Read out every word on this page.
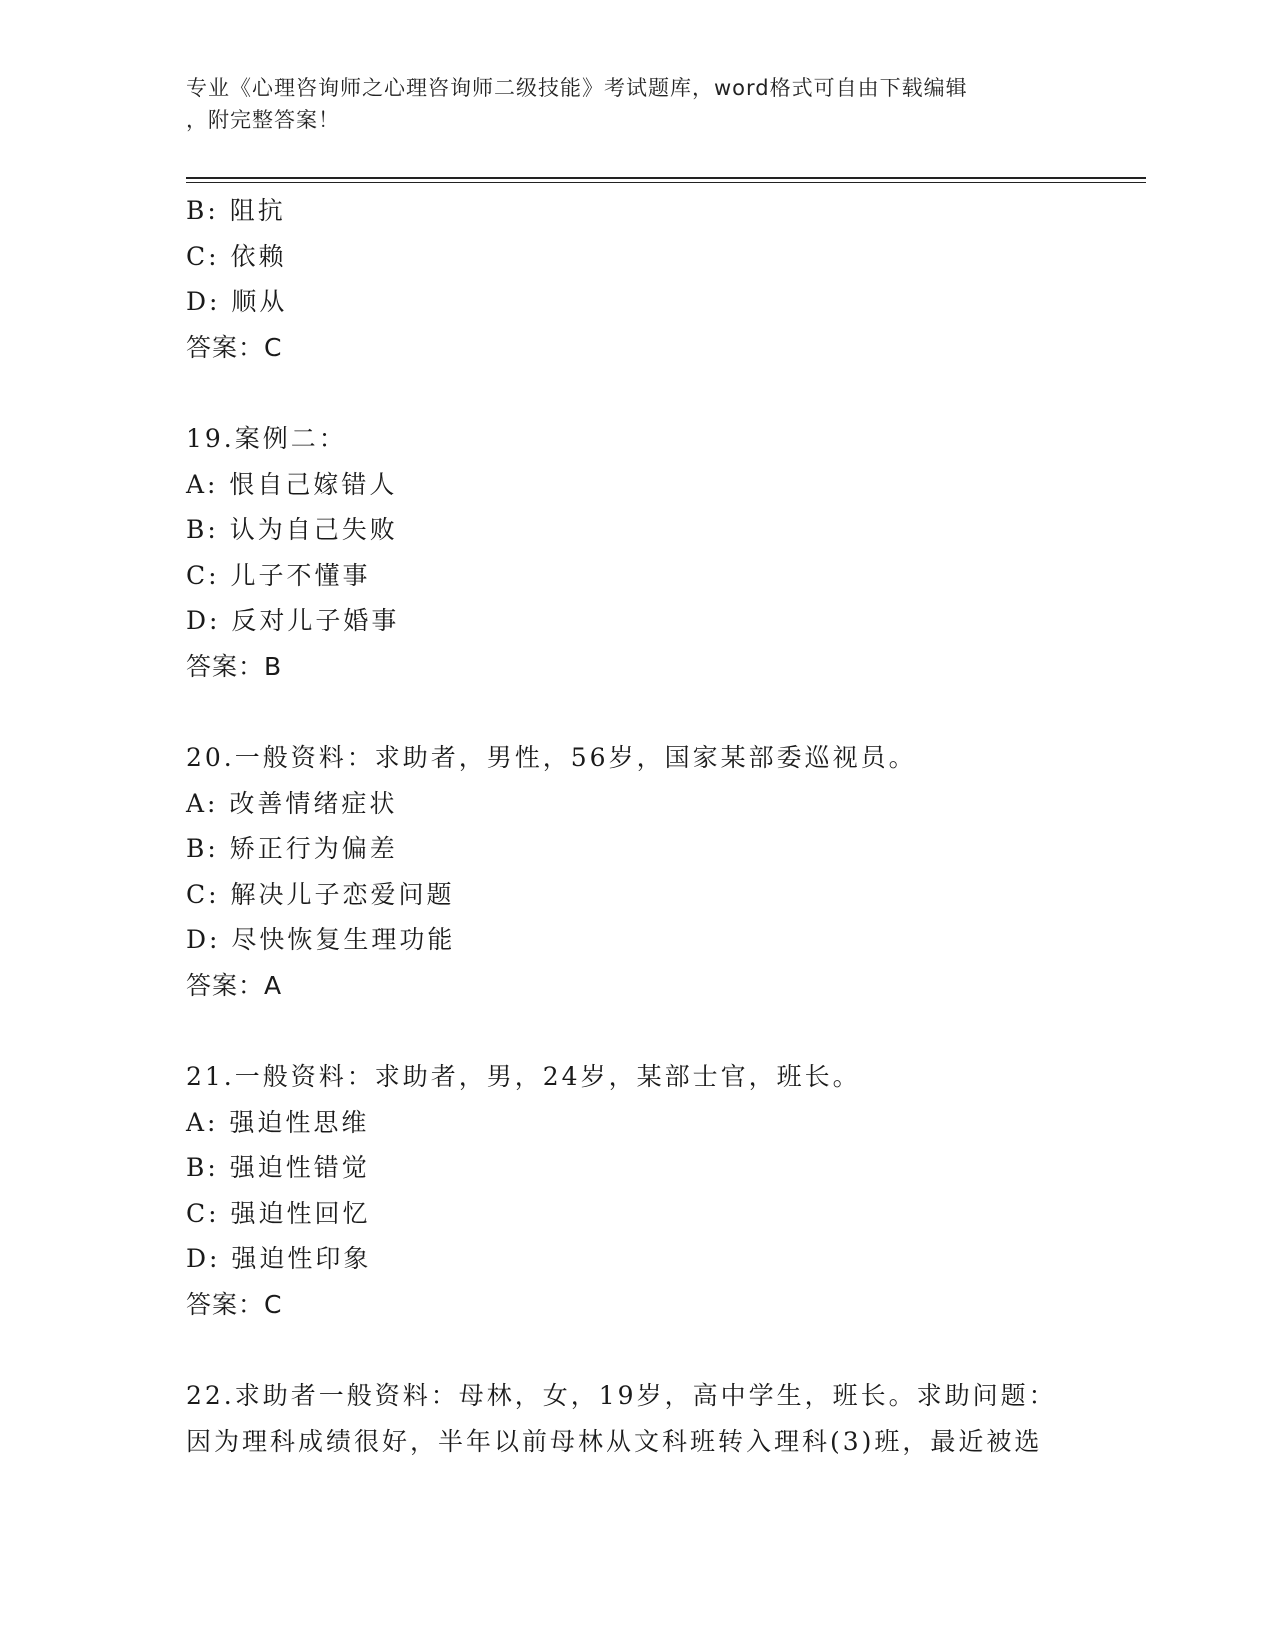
专业《心理咨询师之心理咨询师二级技能》考试题库，word格式可自由下载编辑
，附完整答案！
B: 阻抗
C: 依赖
D: 顺从
答案：C
19.案例二：
A: 恨自己嫁错人
B: 认为自己失败
C: 儿子不懂事
D: 反对儿子婚事
答案：B
20.一般资料：求助者，男性，56岁，国家某部委巡视员。
A: 改善情绪症状
B: 矫正行为偏差
C: 解决儿子恋爱问题
D: 尽快恢复生理功能
答案：A
21.一般资料：求助者，男，24岁，某部士官，班长。
A: 强迫性思维
B: 强迫性错觉
C: 强迫性回忆
D: 强迫性印象
答案：C
22.求助者一般资料：母林，女，19岁，高中学生，班长。求助问题：
因为理科成绩很好，半年以前母林从文科班转入理科(3)班，最近被选
